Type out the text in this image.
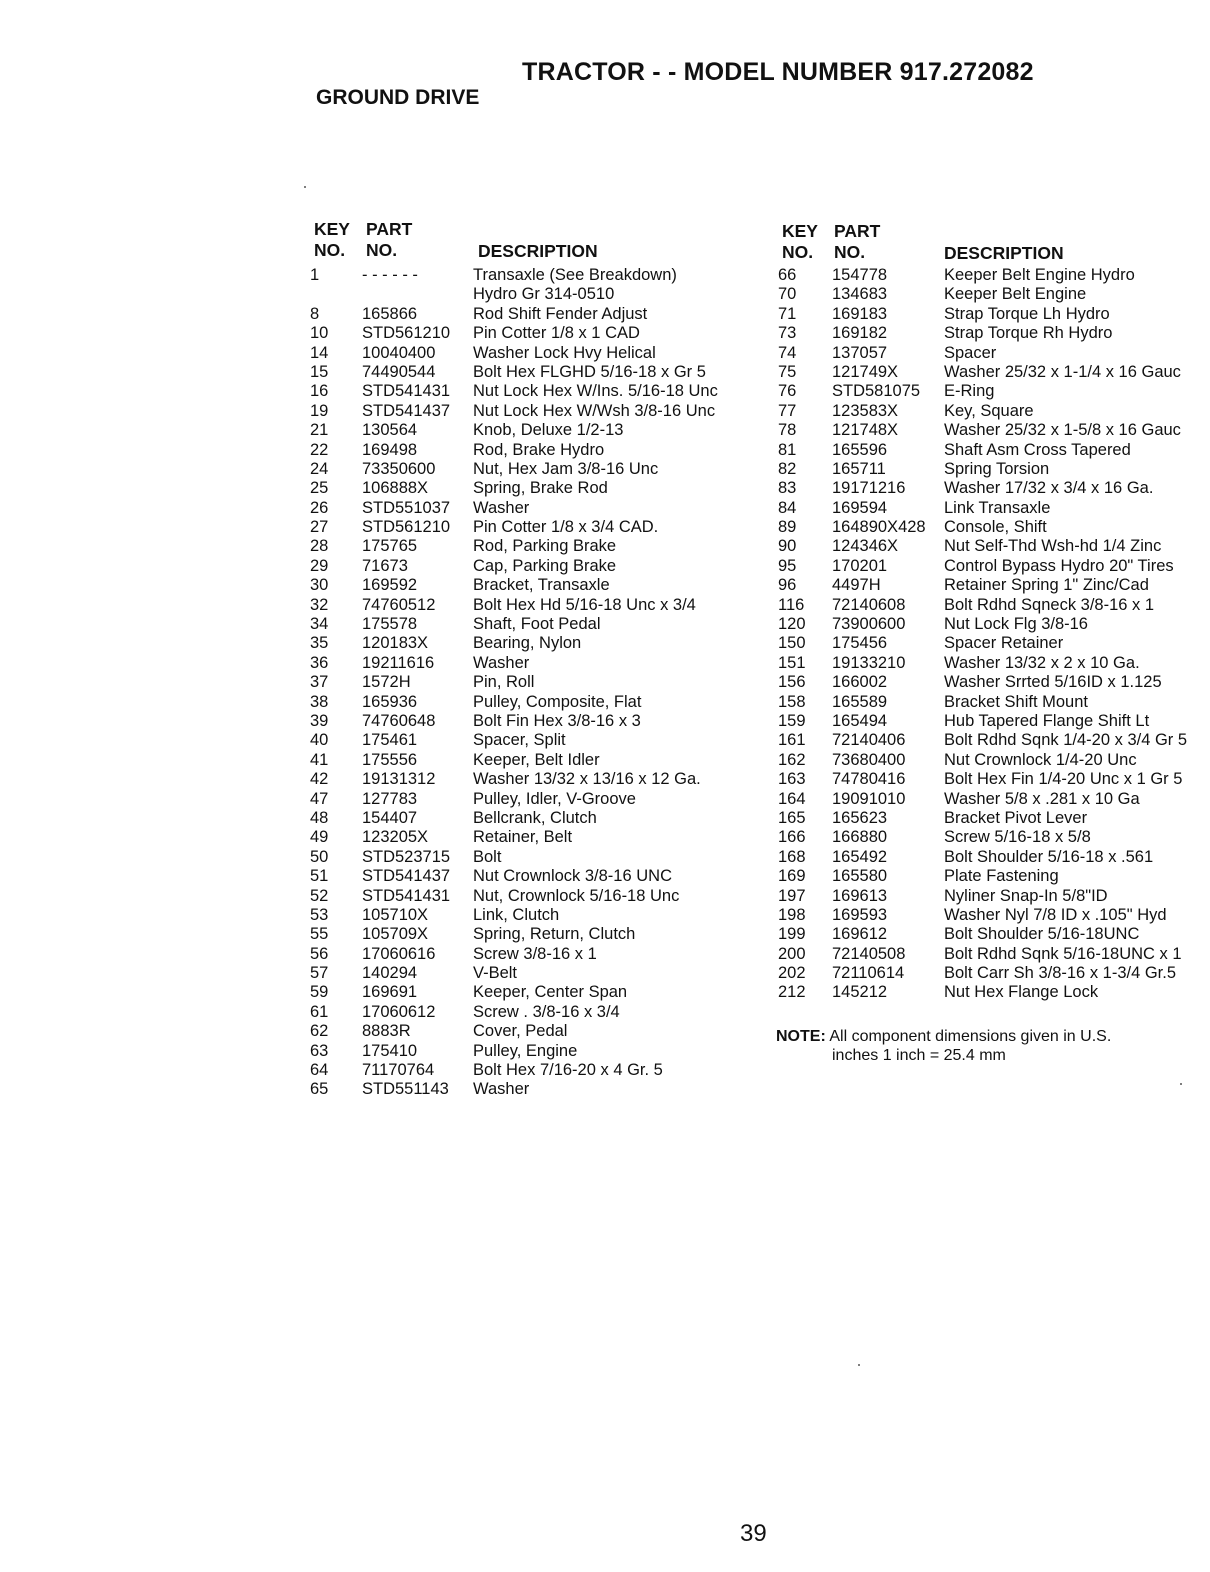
TRACTOR - - MODEL NUMBER 917.272082
GROUND DRIVE
KEY PART
NO. NO.	DESCRIPTION
1	- - - - - -	Transaxle (See Breakdown)
Hydro Gr 314-0510
8	165866	Rod Shift Fender Adjust
10 STD561210 Pin Cotter 1/8 x 1 CAD
14 10040400 Washer Lock Hvy Helical
15 74490544 Bolt Hex FLGHD 5/16-18 x Gr 5
16 STD541431 Nut Lock Hex W/Ins. 5/16-18 Unc
19 STD541437 Nut Lock Hex W/Wsh 3/8-16 Unc
21 130564	Knob, Deluxe 1/2-13
22 169498	Rod, Brake Hydro
24 73350600 Nut, Hex Jam 3/8-16 Unc
25 106888X	Spring, Brake Rod
26 STD551037 Washer
27 STD561210 Pin Cotter 1/8 x 3/4 CAD.
28 175765	Rod, Parking Brake
29 71673	Cap, Parking Brake
30 169592	Bracket, Transaxle
32 74760512 Bolt Hex Hd 5/16-18 Unc x 3/4
34 175578	Shaft, Foot Pedal
35 120183X	Bearing, Nylon
36 19211616 Washer
37 1572H	Pin, Roll
38 165936	Pulley, Composite, Flat
39 74760648 Bolt Fin Hex 3/8-16 x 3
40 175461	Spacer, Split
41 175556	Keeper, Belt Idler
42 19131312 Washer 13/32 x 13/16 x 12 Ga.
47 127783	Pulley, Idler, V-Groove
48 154407	Bellcrank, Clutch
49 123205X	Retainer, Belt
50 STD523715 Bolt
51 STD541437 Nut Crownlock 3/8-16 UNC
52 STD541431 Nut, Crownlock 5/16-18 Unc
53 105710X	Link, Clutch
55 105709X	Spring, Return, Clutch
56 17060616 Screw 3/8-16 x 1
57 140294	V-Belt
59 169691	Keeper, Center Span
61 17060612 Screw . 3/8-16 x 3/4
62 8883R	Cover, Pedal
63 175410	Pulley, Engine
64 71170764 Bolt Hex 7/16-20 x 4 Gr. 5
65 STD551143 Washer
KEY PART
NO. NO.	DESCRIPTION
66 154778	Keeper Belt Engine Hydro
70 134683	Keeper Belt Engine
71 169183	Strap Torque Lh Hydro
73 169182	Strap Torque Rh Hydro
74 137057	Spacer
75 121749X	Washer 25/32 x 1-1/4 x 16 Gauc
76 STD581075 E-Ring
77 123583X	Key, Square
78 121748X	Washer 25/32 x 1-5/8 x 16 Gauc
81 165596	Shaft Asm Cross Tapered
82 165711	Spring Torsion
83 19171216 Washer 17/32 x 3/4 x 16 Ga.
84 169594	Link Transaxle
89 164890X428 Console, Shift
90 124346X	Nut Self-Thd Wsh-hd 1/4 Zinc
95 170201	Control Bypass Hydro 20" Tires
96 4497H	Retainer Spring 1" Zinc/Cad
116 72140608 Bolt Rdhd Sqneck 3/8-16 x 1
120 73900600 Nut Lock Flg 3/8-16
150 175456	Spacer Retainer
151 19133210 Washer 13/32 x 2 x 10 Ga.
156 166002	Washer Srrted 5/16ID x 1.125
158 165589	Bracket Shift Mount
159 165494	Hub Tapered Flange Shift Lt
161 72140406 Bolt Rdhd Sqnk 1/4-20 x 3/4 Gr 5
162 73680400 Nut Crownlock 1/4-20 Unc
163 74780416 Bolt Hex Fin 1/4-20 Unc x 1 Gr 5
164 19091010 Washer 5/8 x .281 x 10 Ga
165 165623	Bracket Pivot Lever
166 166880	Screw 5/16-18 x 5/8
168 165492	Bolt Shoulder 5/16-18 x .561
169 165580	Plate Fastening
197 169613	Nyliner Snap-In 5/8"ID
198 169593	Washer Nyl 7/8 ID x .105" Hyd
199 169612	Bolt Shoulder 5/16-18UNC
200 72140508 Bolt Rdhd Sqnk 5/16-18UNC x 1
202 72110614 Bolt Carr Sh 3/8-16 x 1-3/4 Gr.5
212 145212	Nut Hex Flange Lock
NOTE: All component dimensions given in U.S.
inches 1 inch = 25.4 mm
39
